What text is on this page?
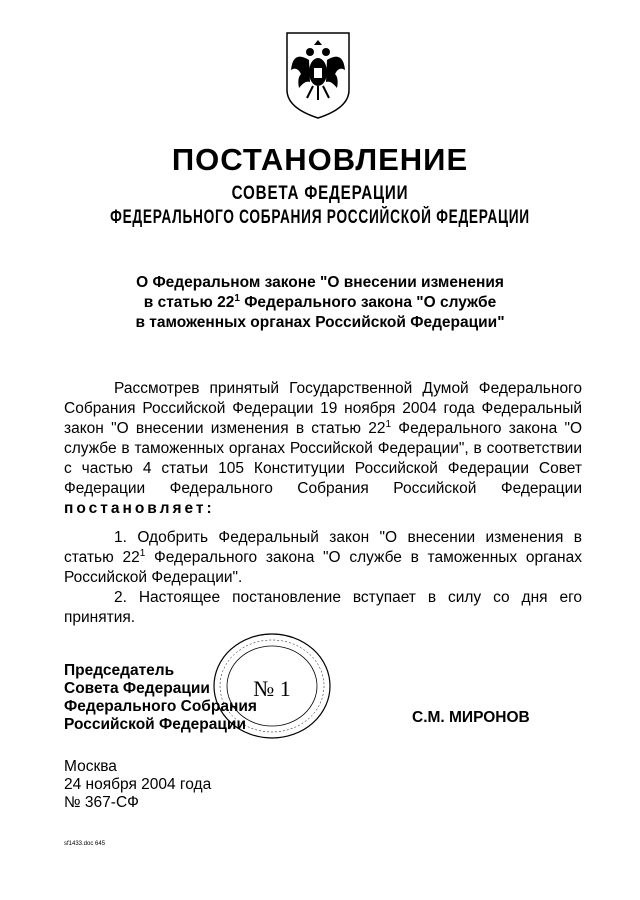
ПОСТАНОВЛЕНИЕ
СОВЕТА ФЕДЕРАЦИИ
ФЕДЕРАЛЬНОГО СОБРАНИЯ РОССИЙСКОЙ ФЕДЕРАЦИИ
О Федеральном законе "О внесении изменения
в статью $22^1$ Федерального закона "О службе
в таможенных органах Российской Федерации"
Рассмотрев принятый Государственной Думой Федерального Собрания Российской Федерации 19 ноября 2004 года Федеральный закон "О внесении изменения в статью $22^1$ Федерального закона "О службе в таможенных органах Российской Федерации", в соответствии с частью 4 статьи 105 Конституции Российской Федерации Совет Федерации Федерального Собрания Российской Федерации постановляет:
1. Одобрить Федеральный закон "О внесении изменения в статью $22^1$ Федерального закона "О службе в таможенных органах Российской Федерации".
2. Настоящее постановление вступает в силу со дня его принятия.
№ 1
Председатель
Совета Федерации
Федерального Собрания
Российской Федерации	С.М. МИРОНОВ
Москва
24 ноября 2004 года
№ 367-СФ
sf1433.doc 645
